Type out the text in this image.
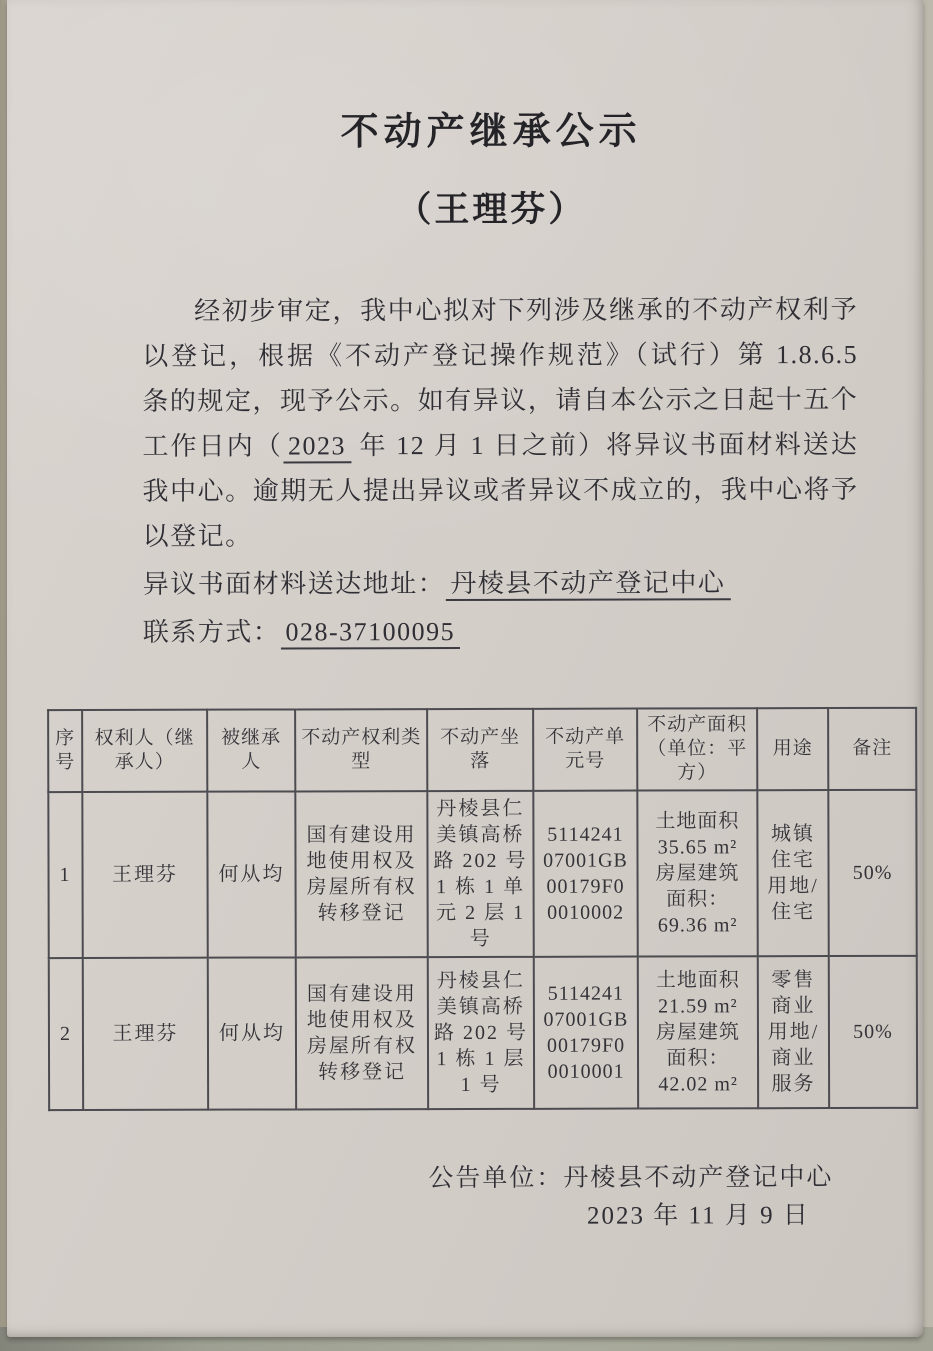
不动产继承公示
（王理芬）

经初步审定，我中心拟对下列涉及继承的不动产权利予以登记，根据《不动产登记操作规范》（试行）第 1.8.6.5 条的规定，现予公示。如有异议，请自本公示之日起十五个工作日内（ 2023 年 12 月 1 日之前）将异议书面材料送达我中心。逾期无人提出异议或者异议不成立的，我中心将予以登记。

异议书面材料送达地址： 丹棱县不动产登记中心

联系方式： 028-37100095

序号	权利人（继承人）	被继承人	不动产权利类型	不动产坐落	不动产单元号	不动产面积（单位：平方）	用途	备注
1	王理芬	何从均	国有建设用地使用权及房屋所有权转移登记	丹棱县仁美镇高桥路 202 号 1 栋 1 单元 2 层 1 号	5114241
07001GB
00179F0
0010002	土地面积
35.65 m²
房屋建筑
面积：
69.36 m²	城镇住宅用地/住宅	50%
2	王理芬	何从均	国有建设用地使用权及房屋所有权转移登记	丹棱县仁美镇高桥路 202 号 1 栋 1 层 1 号	5114241
07001GB
00179F0
0010001	土地面积
21.59 m²
房屋建筑
面积：
42.02 m²	零售商业用地/商业服务	50%
公告单位：丹棱县不动产登记中心
2023 年 11 月 9 日
